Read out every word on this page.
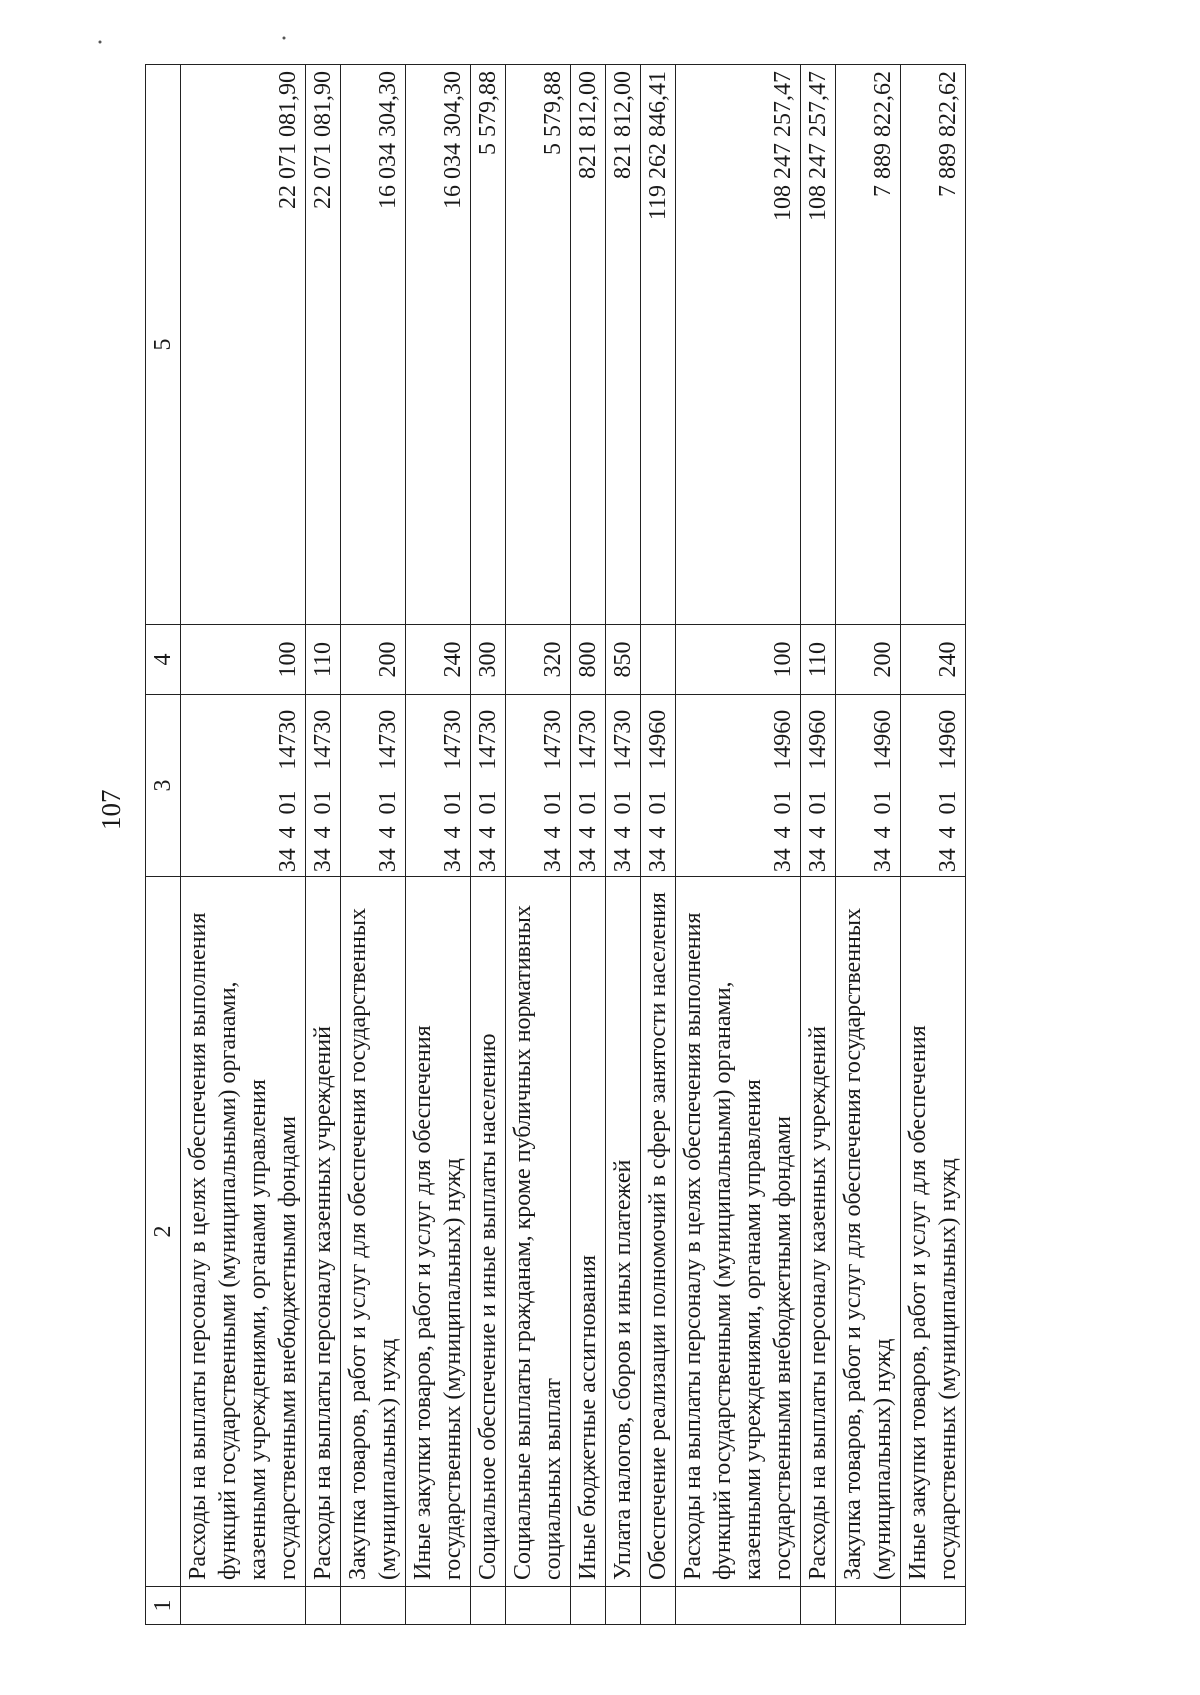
107
1	2	3				4	5
	Расходы на выплаты персоналу в целях обеспечения выполнения функций государственными (муниципальными) органами, казенными учреждениями, органами управления государственными внебюджетными фондами	34	4	01	14730	100	22 071 081,90
	Расходы на выплаты персоналу казенных учреждений	34	4	01	14730	110	22 071 081,90
	Закупка товаров, работ и услуг для обеспечения государственных (муниципальных) нужд	34	4	01	14730	200	16 034 304,30
	Иные закупки товаров, работ и услуг для обеспечения государственных (муниципальных) нужд	34	4	01	14730	240	16 034 304,30
	Социальное обеспечение и иные выплаты населению	34	4	01	14730	300	5 579,88
	Социальные выплаты гражданам, кроме публичных нормативных социальных выплат	34	4	01	14730	320	5 579,88
	Иные бюджетные ассигнования	34	4	01	14730	800	821 812,00
	Уплата налогов, сборов и иных платежей	34	4	01	14730	850	821 812,00
	Обеспечение реализации полномочий в сфере занятости населения	34	4	01	14960		119 262 846,41
	Расходы на выплаты персоналу в целях обеспечения выполнения функций государственными (муниципальными) органами, казенными учреждениями, органами управления государственными внебюджетными фондами	34	4	01	14960	100	108 247 257,47
	Расходы на выплаты персоналу казенных учреждений	34	4	01	14960	110	108 247 257,47
	Закупка товаров, работ и услуг для обеспечения государственных (муниципальных) нужд	34	4	01	14960	200	7 889 822,62
	Иные закупки товаров, работ и услуг для обеспечения государственных (муниципальных) нужд	34	4	01	14960	240	7 889 822,62
